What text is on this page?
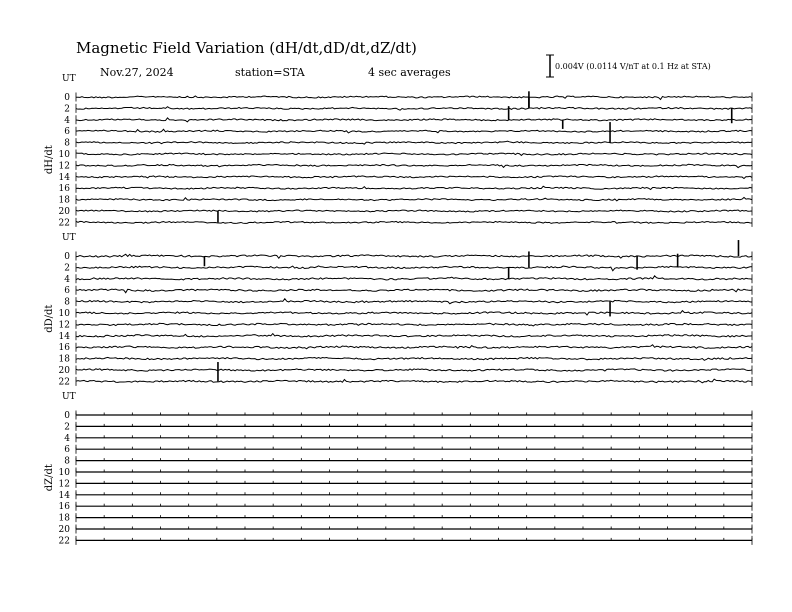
Magnetic Field Variation (dH/dt,dD/dt,dZ/dt)
Nov.27, 2024	station=STA	4 sec averages	0.004V (0.0114 V/nT at 0.1 Hz at STA)
UT
dH/dt
0
2
4
6
8
10
12
14
16
18
20
22
UT
dD/dt
0
2
4
6
8
10
12
14
16
18
20
22
UT
dZ/dt
0
2
4
6
8
10
12
14
16
18
20
22
